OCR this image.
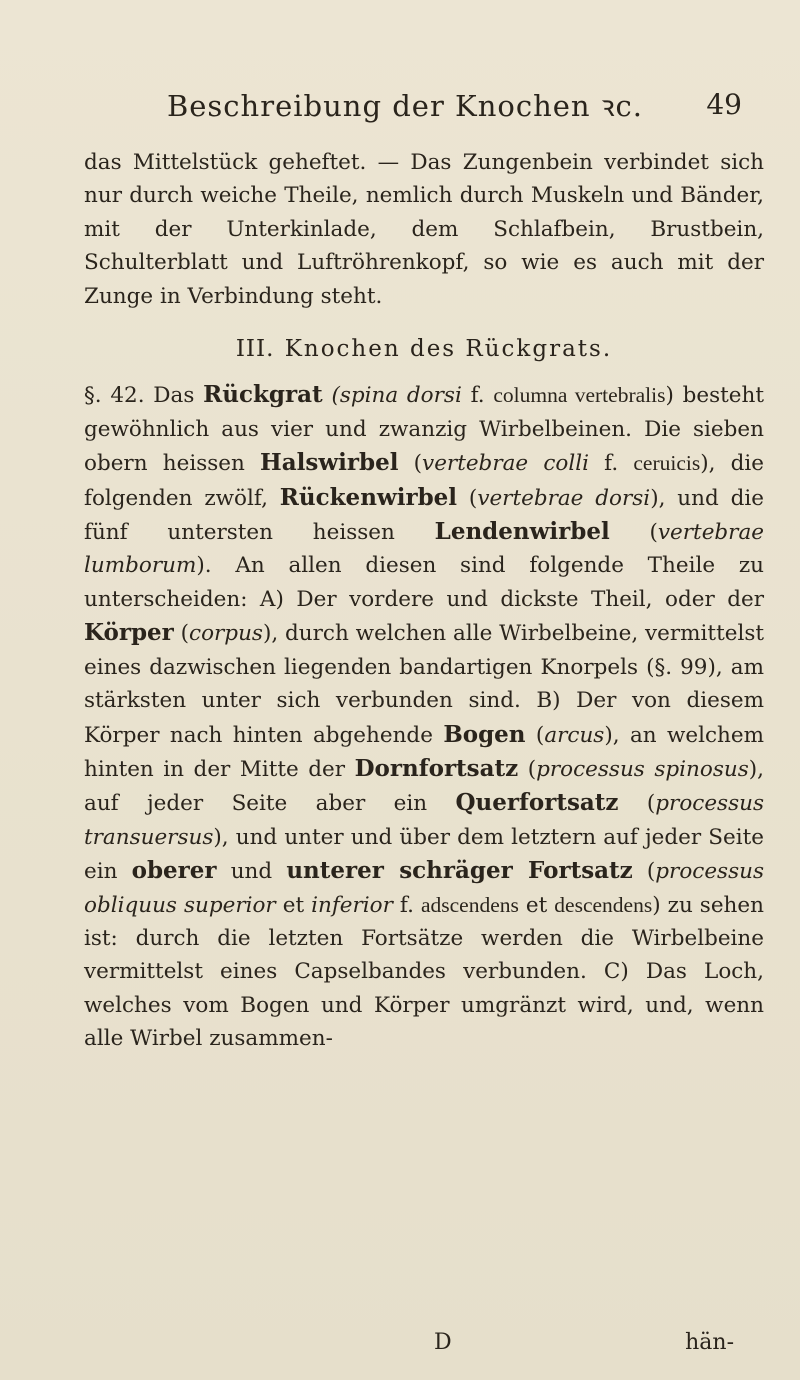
Beschreibung der Knochen ꝛc.	49

das Mittelstück geheftet. — Das Zungenbein verbindet sich nur durch weiche Theile, nemlich durch Muskeln und Bänder, mit der Unterkinlade, dem Schlafbein, Brustbein, Schulterblatt und Luftröhrenkopf, so wie es auch mit der Zunge in Verbindung steht.

III. Knochen des Rückgrats.

§. 42. Das Rückgrat (spina dorsi f. columna vertebralis) besteht gewöhnlich aus vier und zwanzig Wirbelbeinen. Die sieben obern heissen Halswirbel (vertebrae colli f. ceruicis), die folgenden zwölf, Rückenwirbel (vertebrae dorsi), und die fünf untersten heissen Lendenwirbel (vertebrae lumborum). An allen diesen sind folgende Theile zu unterscheiden: A) Der vordere und dickste Theil, oder der Körper (corpus), durch welchen alle Wirbelbeine, vermittelst eines dazwischen liegenden bandartigen Knorpels (§. 99), am stärksten unter sich verbunden sind. B) Der von diesem Körper nach hinten abgehende Bogen (arcus), an welchem hinten in der Mitte der Dornfortsatz (processus spinosus), auf jeder Seite aber ein Querfortsatz (processus transuersus), und unter und über dem letztern auf jeder Seite ein oberer und unterer schräger Fortsatz (processus obliquus superior et inferior f. adscendens et descendens) zu sehen ist: durch die letzten Fortsätze werden die Wirbelbeine vermittelst eines Capselbandes verbunden. C) Das Loch, welches vom Bogen und Körper umgränzt wird, und, wenn alle Wirbel zusammen-

D	hän-
